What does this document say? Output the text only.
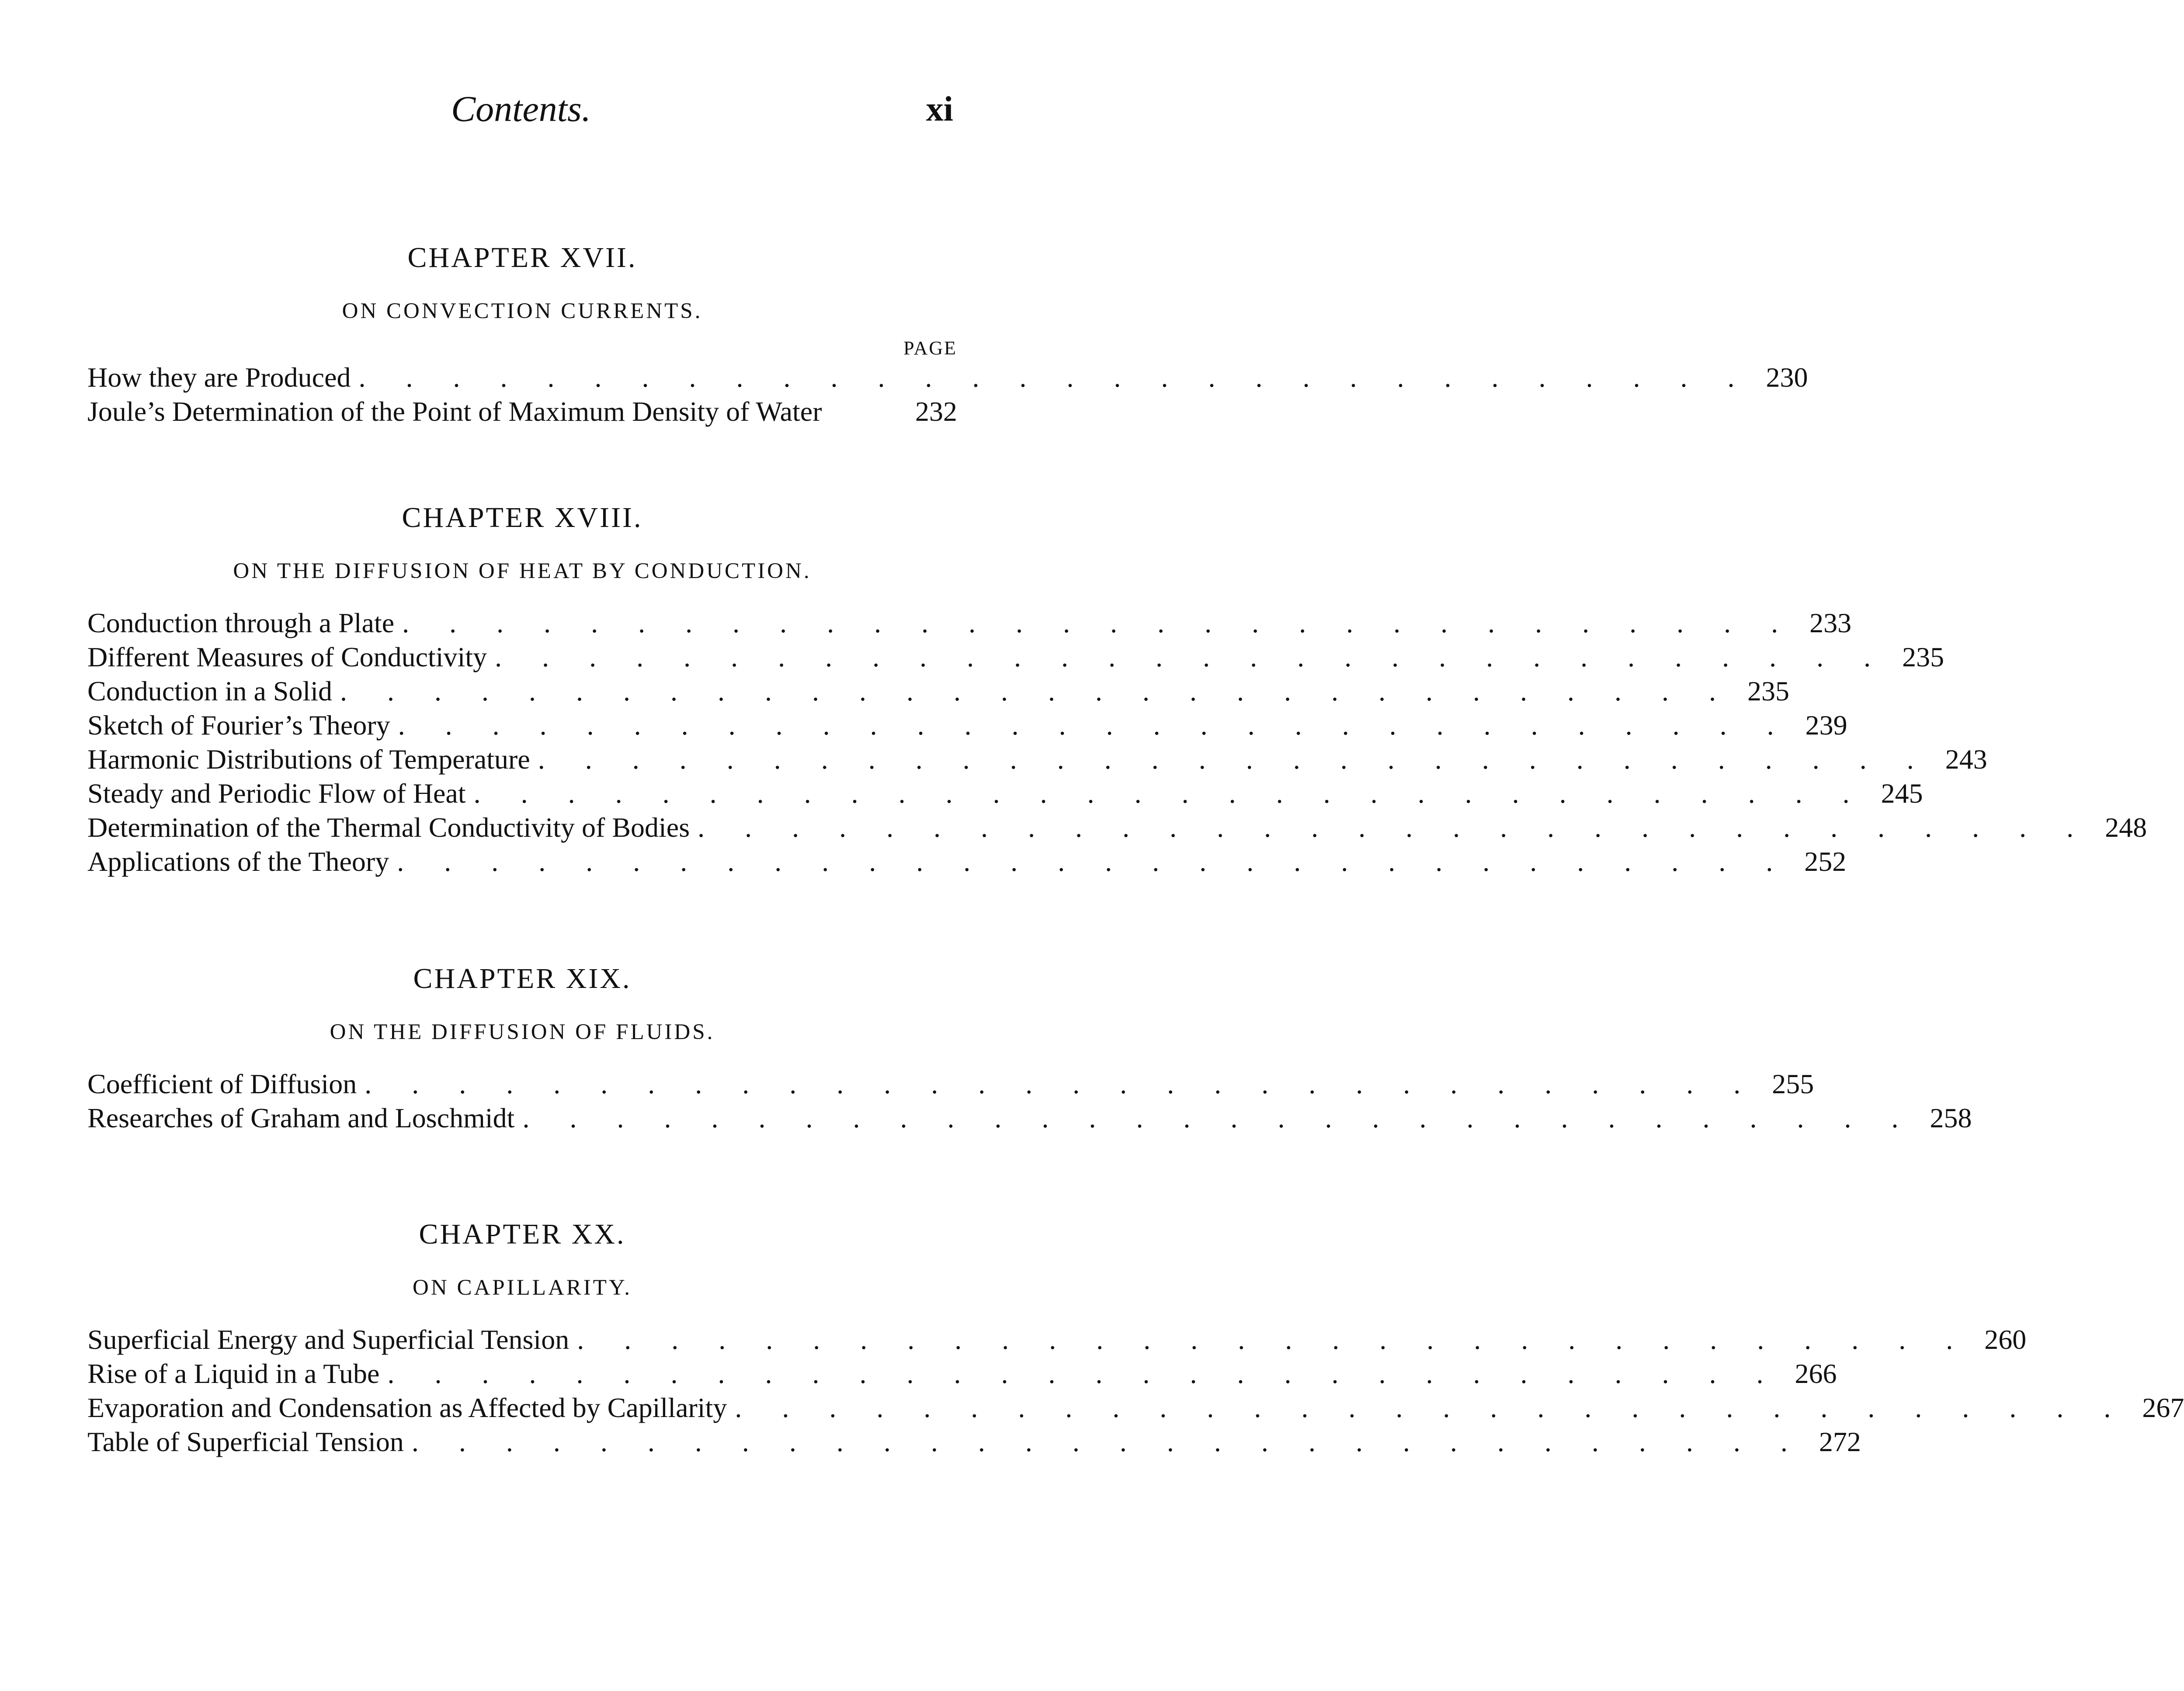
Contents.	xi
CHAPTER XVII.
ON CONVECTION CURRENTS.
PAGE
How they are Produced . . . . . . . . . . . . . . . . . . . . . . . . . . . . . . 230
Joule’s Determination of the Point of Maximum Density of Water	232
CHAPTER XVIII.
ON THE DIFFUSION OF HEAT BY CONDUCTION.
Conduction through a Plate . . . . . . . . . . . . . . . . . . . . . . . . . . . . . . 233
Different Measures of Conductivity . . . . . . . . . . . . . . . . . . . . . . . . . . . . . . 235
Conduction in a Solid . . . . . . . . . . . . . . . . . . . . . . . . . . . . . . 235
Sketch of Fourier’s Theory . . . . . . . . . . . . . . . . . . . . . . . . . . . . . . 239
Harmonic Distributions of Temperature . . . . . . . . . . . . . . . . . . . . . . . . . . . . . . 243
Steady and Periodic Flow of Heat . . . . . . . . . . . . . . . . . . . . . . . . . . . . . . 245
Determination of the Thermal Conductivity of Bodies . . . . . . . . . . . . . . . . . . . . . . . . . . . . . . 248
Applications of the Theory . . . . . . . . . . . . . . . . . . . . . . . . . . . . . . 252
CHAPTER XIX.
ON THE DIFFUSION OF FLUIDS.
Coefficient of Diffusion . . . . . . . . . . . . . . . . . . . . . . . . . . . . . . 255
Researches of Graham and Loschmidt . . . . . . . . . . . . . . . . . . . . . . . . . . . . . . 258
CHAPTER XX.
ON CAPILLARITY.
Superficial Energy and Superficial Tension . . . . . . . . . . . . . . . . . . . . . . . . . . . . . . 260
Rise of a Liquid in a Tube . . . . . . . . . . . . . . . . . . . . . . . . . . . . . . 266
Evaporation and Condensation as Affected by Capillarity . . . . . . . . . . . . . . . . . . . . . . . . . . . . . . 267
Table of Superficial Tension . . . . . . . . . . . . . . . . . . . . . . . . . . . . . . 272
